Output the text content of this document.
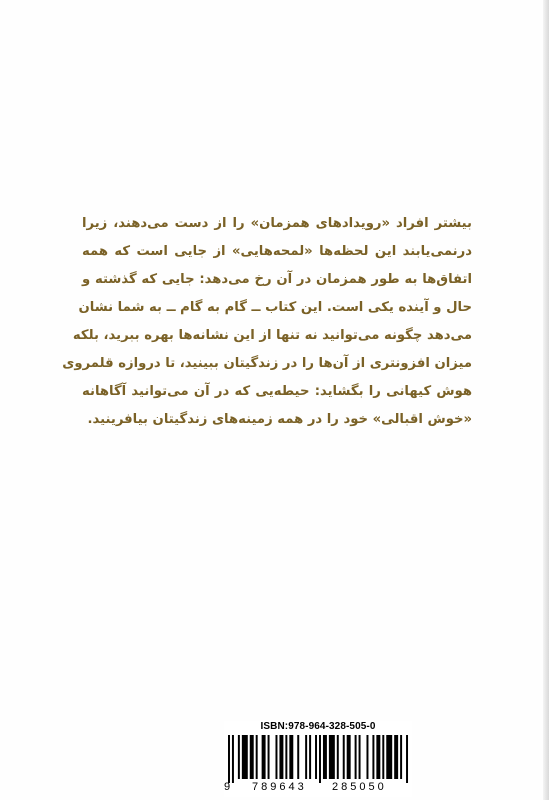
بیشتر افراد «رویدادهای همزمان» را از دست می‌دهند، زیرا
درنمی‌یابند این لحظه‌ها «لمحه‌هایی» از جایی است که همه
اتفاق‌ها به طور همزمان در آن رخ می‌دهد: جایی که گذشته و
حال و آینده یکی است. این کتاب ــ گام به گام ــ به شما نشان
می‌دهد چگونه می‌توانید نه تنها از این نشانه‌ها بهره ببرید، بلکه
میزان افزونتری از آن‌ها را در زندگیتان ببینید، تا دروازه قلمروی
هوش کیهانی را بگشاید: حیطه‌یی که در آن می‌توانید آگاهانه
«خوش اقبالی» خود را در همه زمینه‌های زندگیتان بیافرینید.
ISBN:978-964-328-505-0
9 789643 285050
